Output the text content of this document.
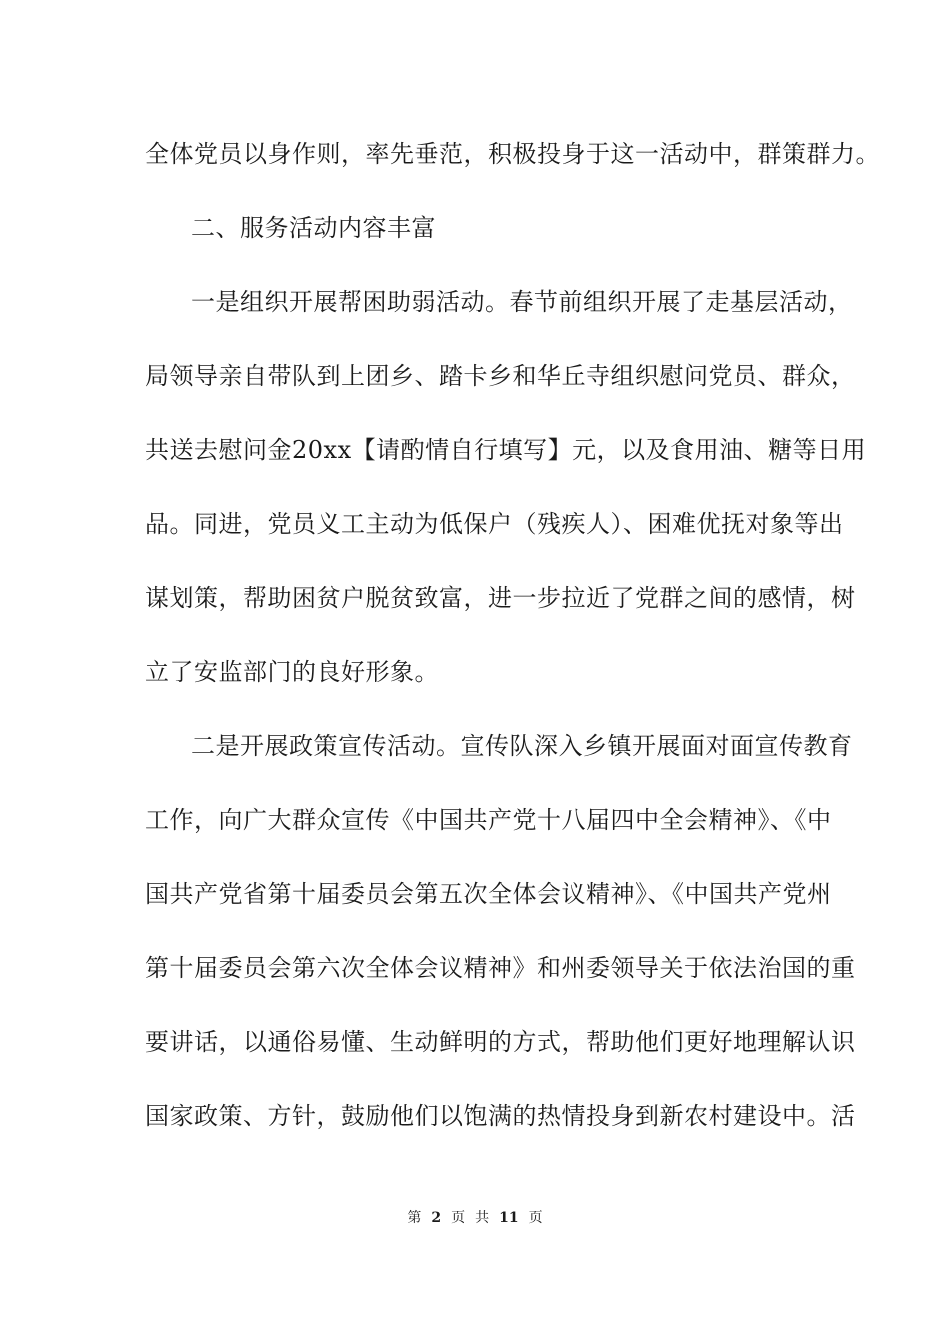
全体党员以身作则，率先垂范，积极投身于这一活动中，群策群力。
二、服务活动内容丰富
一是组织开展帮困助弱活动。春节前组织开展了走基层活动，
局领导亲自带队到上团乡、踏卡乡和华丘寺组织慰问党员、群众，
共送去慰问金20xx【请酌情自行填写】元，以及食用油、糖等日用
品。同进，党员义工主动为低保户（残疾人）、困难优抚对象等出
谋划策，帮助困贫户脱贫致富，进一步拉近了党群之间的感情，树
立了安监部门的良好形象。
二是开展政策宣传活动。宣传队深入乡镇开展面对面宣传教育
工作，向广大群众宣传《中国共产党十八届四中全会精神》、《中
国共产党省第十届委员会第五次全体会议精神》、《中国共产党州
第十届委员会第六次全体会议精神》和州委领导关于依法治国的重
要讲话，以通俗易懂、生动鲜明的方式，帮助他们更好地理解认识
国家政策、方针，鼓励他们以饱满的热情投身到新农村建设中。活
第 2 页 共 11 页
